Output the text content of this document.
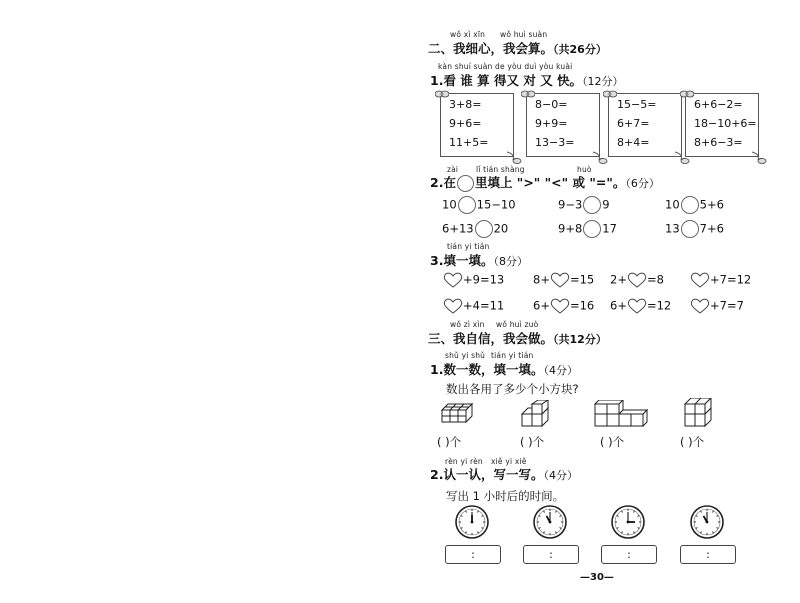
wǒ xì xīn wǒ huì suàn
二、我细心，我会算。（共26分）
kàn shuí suàn de yòu duì yòu kuài
1.看 谁 算 得又 对 又 快。（12分）
3+8=
9+6=
11+5=
8−0=
9+9=
13−3=
15−5=
6+7=
8+4=
6+6−2=
18−10+6=
8+6−3=
zài lǐ tián shàng	huò
2.在 里填上 ">" "<" 或 "="。（6分）
10 15−10	9−3 9	10 5+6
6+13 20	9+8 17	13 7+6
tián yi tián
3.填一填。（8分）
+9=13	8+ =15 2+ =8	+7=12
+4=11	6+ =16 6+ =12	+7=7
wǒ zì xìn wǒ huì zuò
三、我自信，我会做。（共12分）
shǔ yi shǔ tián yi tián
1.数一数，填一填。（4分）
数出各用了多少个小方块?
( )个	( )个	( )个	( )个
rèn yi rèn xiě yi xiě
2.认一认，写一写。（4分）
写出 1 小时后的时间。
:	:	:	:
—30—
